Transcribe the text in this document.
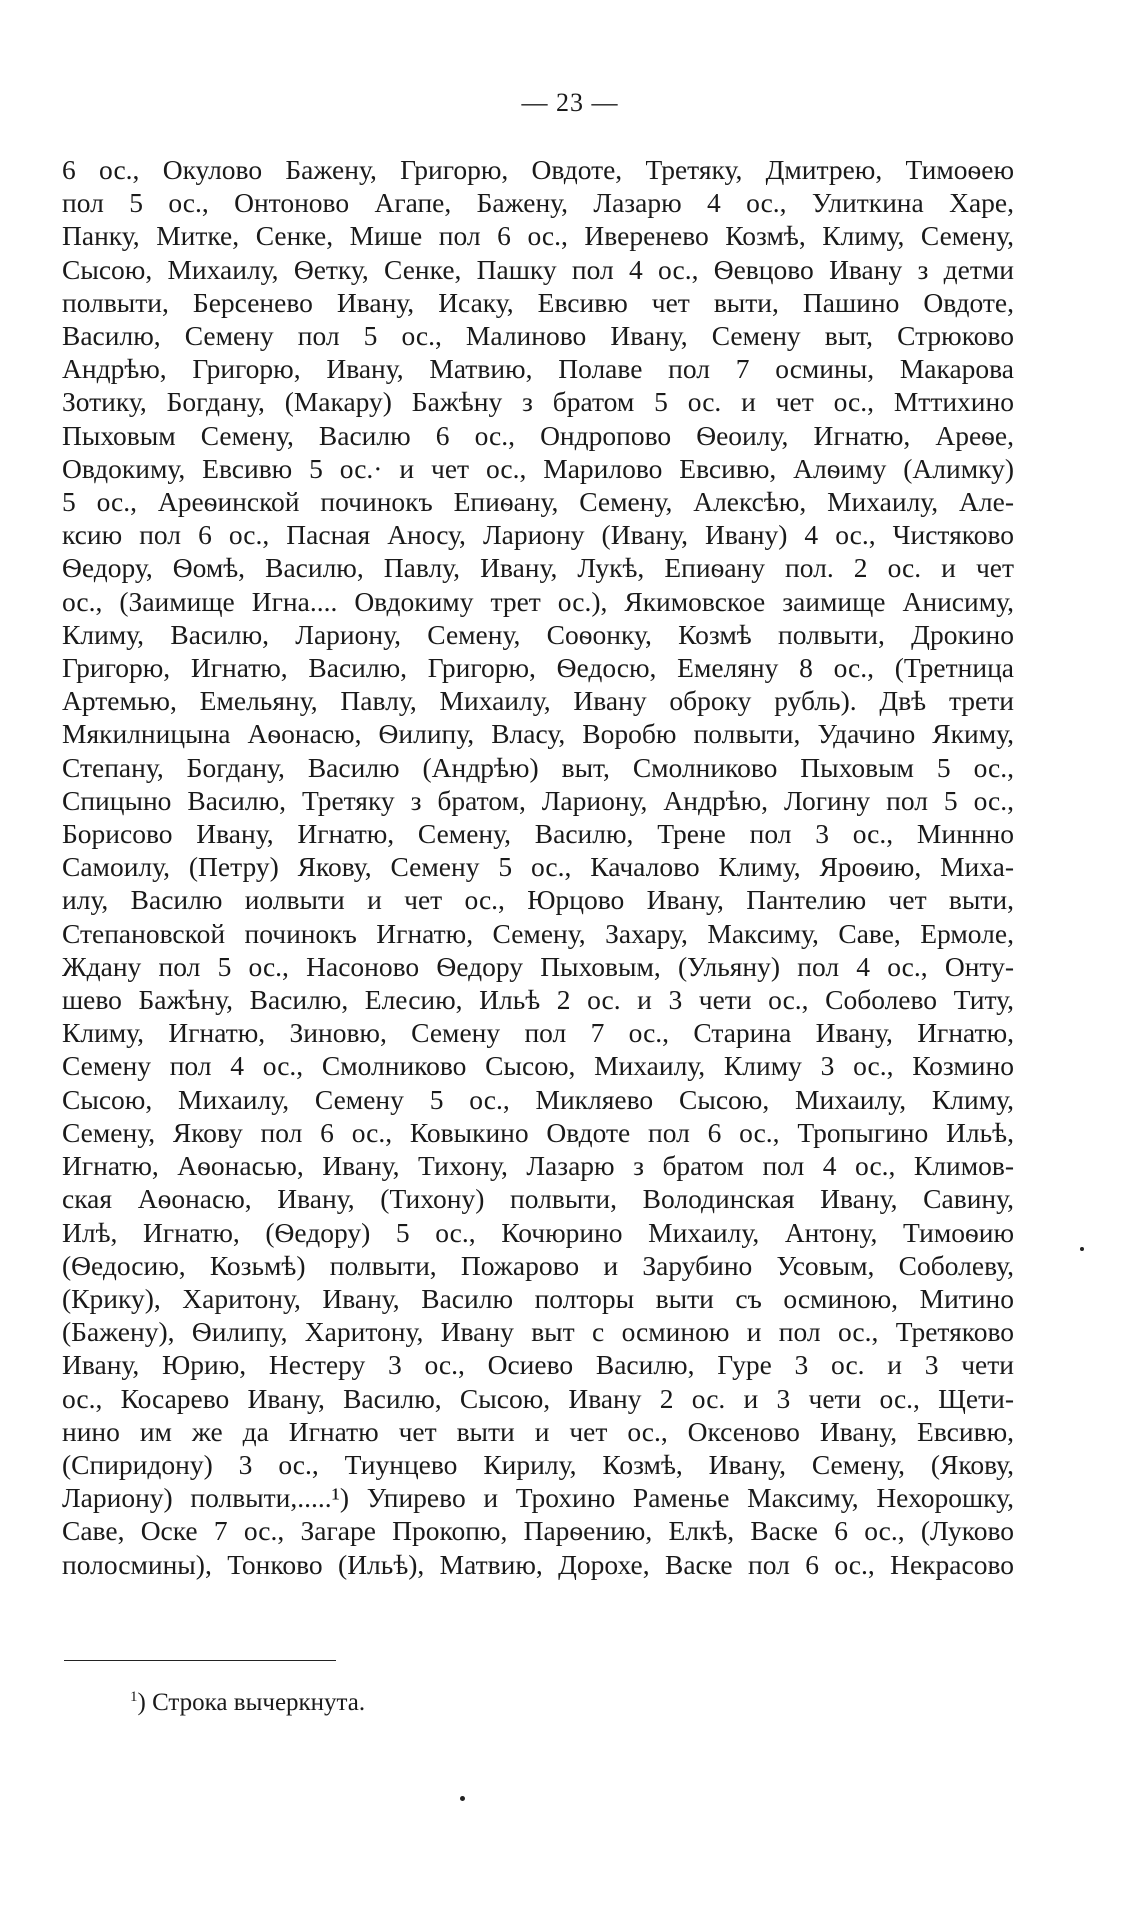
— 23 —
6 ос., Окулово Бажену, Григорю, Овдоте, Третяку, Дмитрею, Тимоѳею
пол 5 ос., Онтоново Агапе, Бажену, Лазарю 4 ос., Улиткина Харе,
Панку, Митке, Сенке, Мише пол 6 ос., Иверенево Козмѣ, Климу, Семену,
Сысою, Михаилу, Ѳетку, Сенке, Пашку пол 4 ос., Ѳевцово Ивану з детми
полвыти, Берсенево Ивану, Исаку, Евсивю чет выти, Пашино Овдоте,
Василю, Семену пол 5 ос., Малиново Ивану, Семену выт, Стрюково
Андрѣю, Григорю, Ивану, Матвию, Полаве пол 7 осмины, Макарова
Зотику, Богдану, (Макару) Бажѣну з братом 5 ос. и чет ос., Мттихино
Пыховым Семену, Василю 6 ос., Ондропово Ѳеоилу, Игнатю, Ареѳе,
Овдокиму, Евсивю 5 ос.· и чет ос., Марилово Евсивю, Алѳиму (Алимку)
5 ос., Ареѳинской починокъ Епиѳану, Семену, Алексѣю, Михаилу, Але-
ксию пол 6 ос., Пасная Аносу, Лариону (Ивану, Ивану) 4 ос., Чистяково
Ѳедору, Ѳомѣ, Василю, Павлу, Ивану, Лукѣ, Епиѳану пол. 2 ос. и чет
ос., (Заимище Игна.... Овдокиму трет ос.), Якимовское заимище Анисиму,
Климу, Василю, Лариону, Семену, Соѳонку, Козмѣ полвыти, Дрокино
Григорю, Игнатю, Василю, Григорю, Ѳедосю, Емеляну 8 ос., (Третница
Артемью, Емельяну, Павлу, Михаилу, Ивану оброку рубль). Двѣ трети
Мякилницына Аѳонасю, Ѳилипу, Власу, Воробю полвыти, Удачино Якиму,
Степану, Богдану, Василю (Андрѣю) выт, Смолниково Пыховым 5 ос.,
Спицыно Василю, Третяку з братом, Лариону, Андрѣю, Логину пол 5 ос.,
Борисово Ивану, Игнатю, Семену, Василю, Трене пол 3 ос., Миннно
Самоилу, (Петру) Якову, Семену 5 ос., Качалово Климу, Яроѳию, Миха-
илу, Василю иолвыти и чет ос., Юрцово Ивану, Пантелию чет выти,
Степановской починокъ Игнатю, Семену, Захару, Максиму, Саве, Ермоле,
Ждану пол 5 ос., Насоново Ѳедору Пыховым, (Ульяну) пол 4 ос., Онту-
шево Бажѣну, Василю, Елесию, Ильѣ 2 ос. и 3 чети ос., Соболево Титу,
Климу, Игнатю, Зиновю, Семену пол 7 ос., Старина Ивану, Игнатю,
Семену пол 4 ос., Смолниково Сысою, Михаилу, Климу 3 ос., Козмино
Сысою, Михаилу, Семену 5 ос., Микляево Сысою, Михаилу, Климу,
Семену, Якову пол 6 ос., Ковыкино Овдоте пол 6 ос., Тропыгино Ильѣ,
Игнатю, Аѳонасью, Ивану, Тихону, Лазарю з братом пол 4 ос., Климов-
ская Аѳонасю, Ивану, (Тихону) полвыти, Володинская Ивану, Савину,
Илѣ, Игнатю, (Ѳедору) 5 ос., Кочюрино Михаилу, Антону, Тимоѳию
(Ѳедосию, Козьмѣ) полвыти, Пожарово и Зарубино Усовым, Соболеву,
(Крику), Харитону, Ивану, Василю полторы выти съ осминою, Митино
(Бажену), Ѳилипу, Харитону, Ивану выт с осминою и пол ос., Третяково
Ивану, Юрию, Нестеру 3 ос., Осиево Василю, Гуре 3 ос. и 3 чети
ос., Косарево Ивану, Василю, Сысою, Ивану 2 ос. и 3 чети ос., Щети-
нино им же да Игнатю чет выти и чет ос., Оксеново Ивану, Евсивю,
(Спиридону) 3 ос., Тиунцево Кирилу, Козмѣ, Ивану, Семену, (Якову,
Лариону) полвыти,.....¹) Упирево и Трохино Раменье Максиму, Нехорошку,
Саве, Оске 7 ос., Загаре Прокопю, Парѳению, Елкѣ, Васке 6 ос., (Луково
полосмины), Тонково (Ильѣ), Матвию, Дорохе, Васке пол 6 ос., Некрасово
$^1$) Строка вычеркнута.
